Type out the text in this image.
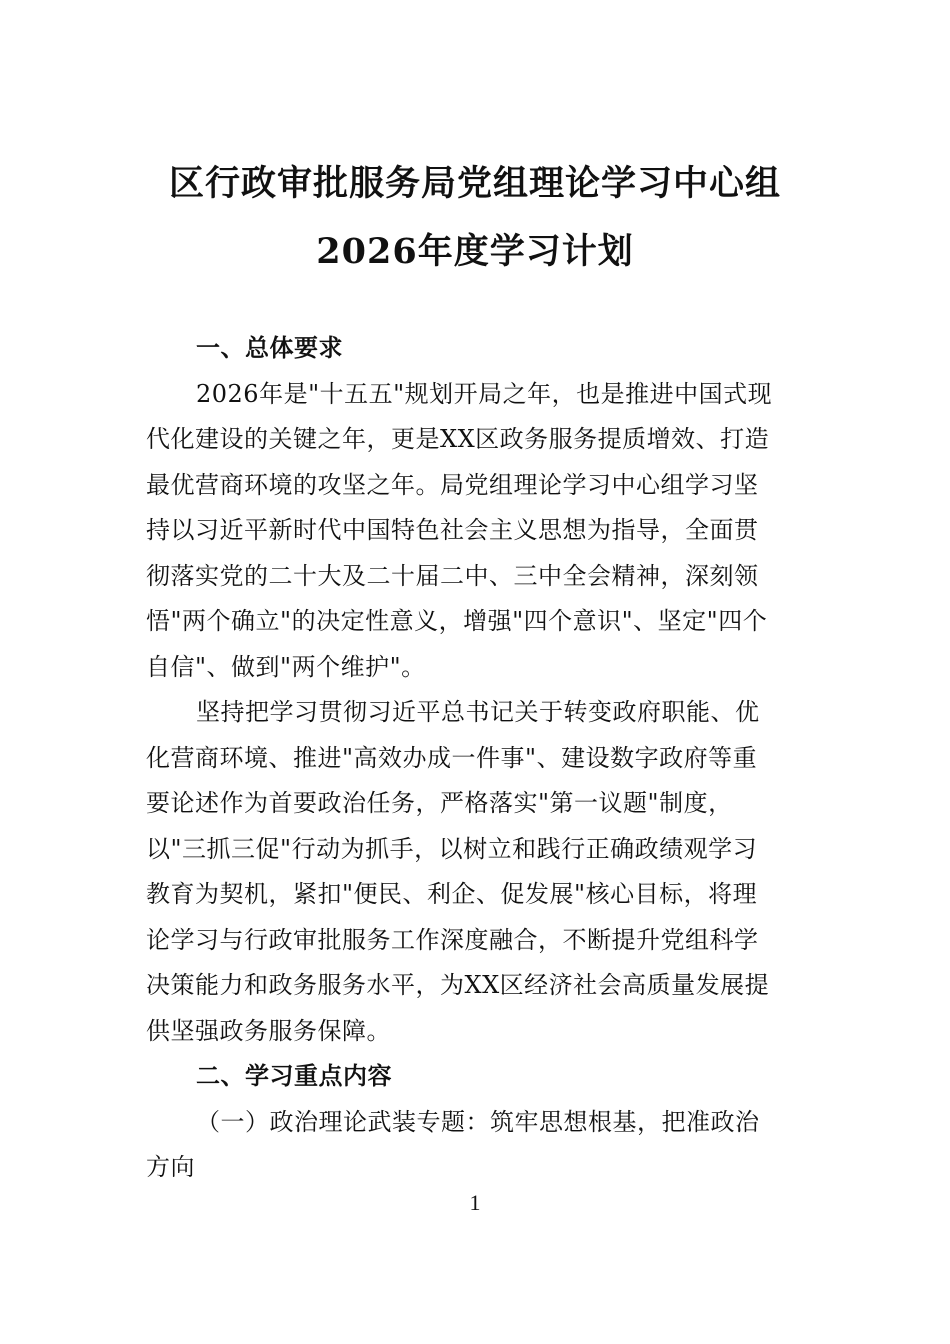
区行政审批服务局党组理论学习中心组
2026年度学习计划

一、总体要求

2026年是"十五五"规划开局之年，也是推进中国式现
代化建设的关键之年，更是XX区政务服务提质增效、打造
最优营商环境的攻坚之年。局党组理论学习中心组学习坚
持以习近平新时代中国特色社会主义思想为指导，全面贯
彻落实党的二十大及二十届二中、三中全会精神，深刻领
悟"两个确立"的决定性意义，增强"四个意识"、坚定"四个
自信"、做到"两个维护"。

坚持把学习贯彻习近平总书记关于转变政府职能、优
化营商环境、推进"高效办成一件事"、建设数字政府等重
要论述作为首要政治任务，严格落实"第一议题"制度，
以"三抓三促"行动为抓手，以树立和践行正确政绩观学习
教育为契机，紧扣"便民、利企、促发展"核心目标，将理
论学习与行政审批服务工作深度融合，不断提升党组科学
决策能力和政务服务水平，为XX区经济社会高质量发展提
供坚强政务服务保障。

二、学习重点内容

（一）政治理论武装专题：筑牢思想根基，把准政治
方向

1
